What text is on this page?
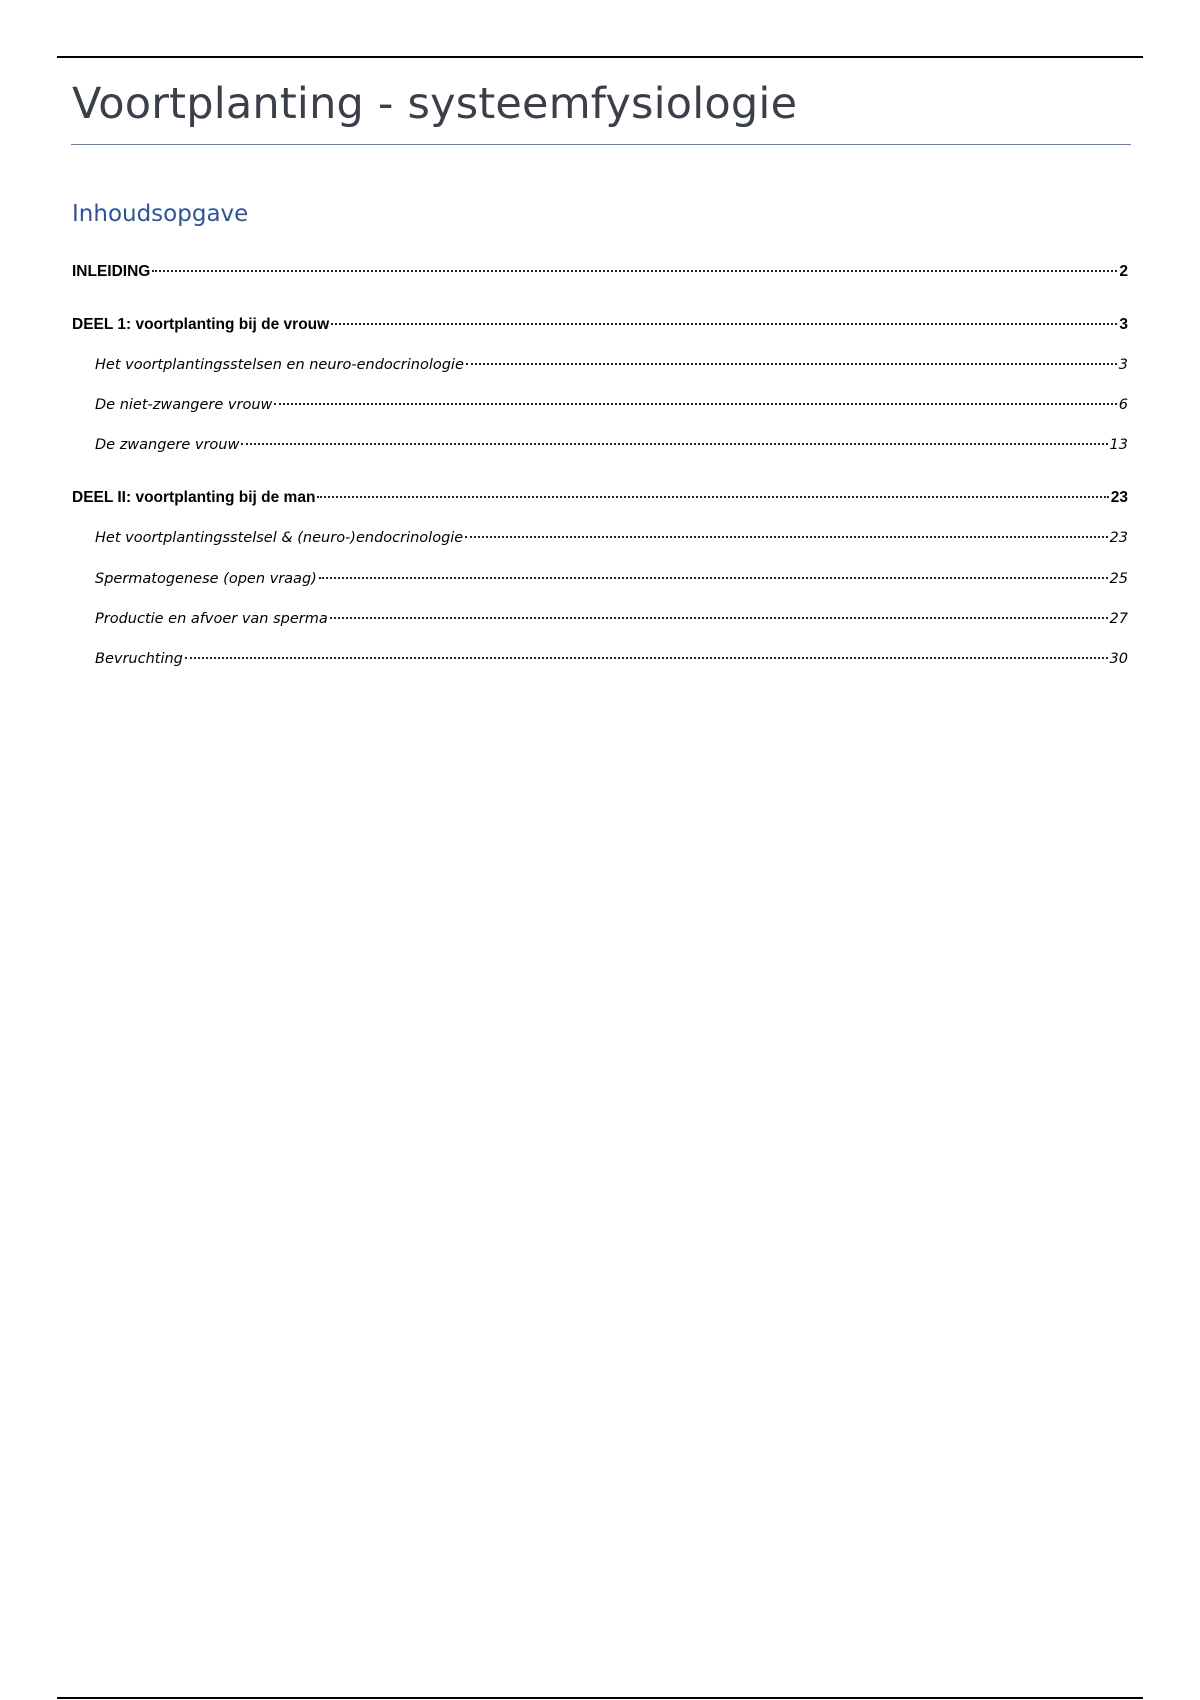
Voortplanting - systeemfysiologie
Inhoudsopgave
INLEIDING	2
DEEL 1: voortplanting bij de vrouw	3
Het voortplantingsstelsen en neuro-endocrinologie	3
De niet-zwangere vrouw	6
De zwangere vrouw	13
DEEL II: voortplanting bij de man	23
Het voortplantingsstelsel & (neuro-)endocrinologie	23
Spermatogenese (open vraag)	25
Productie en afvoer van sperma	27
Bevruchting	30
